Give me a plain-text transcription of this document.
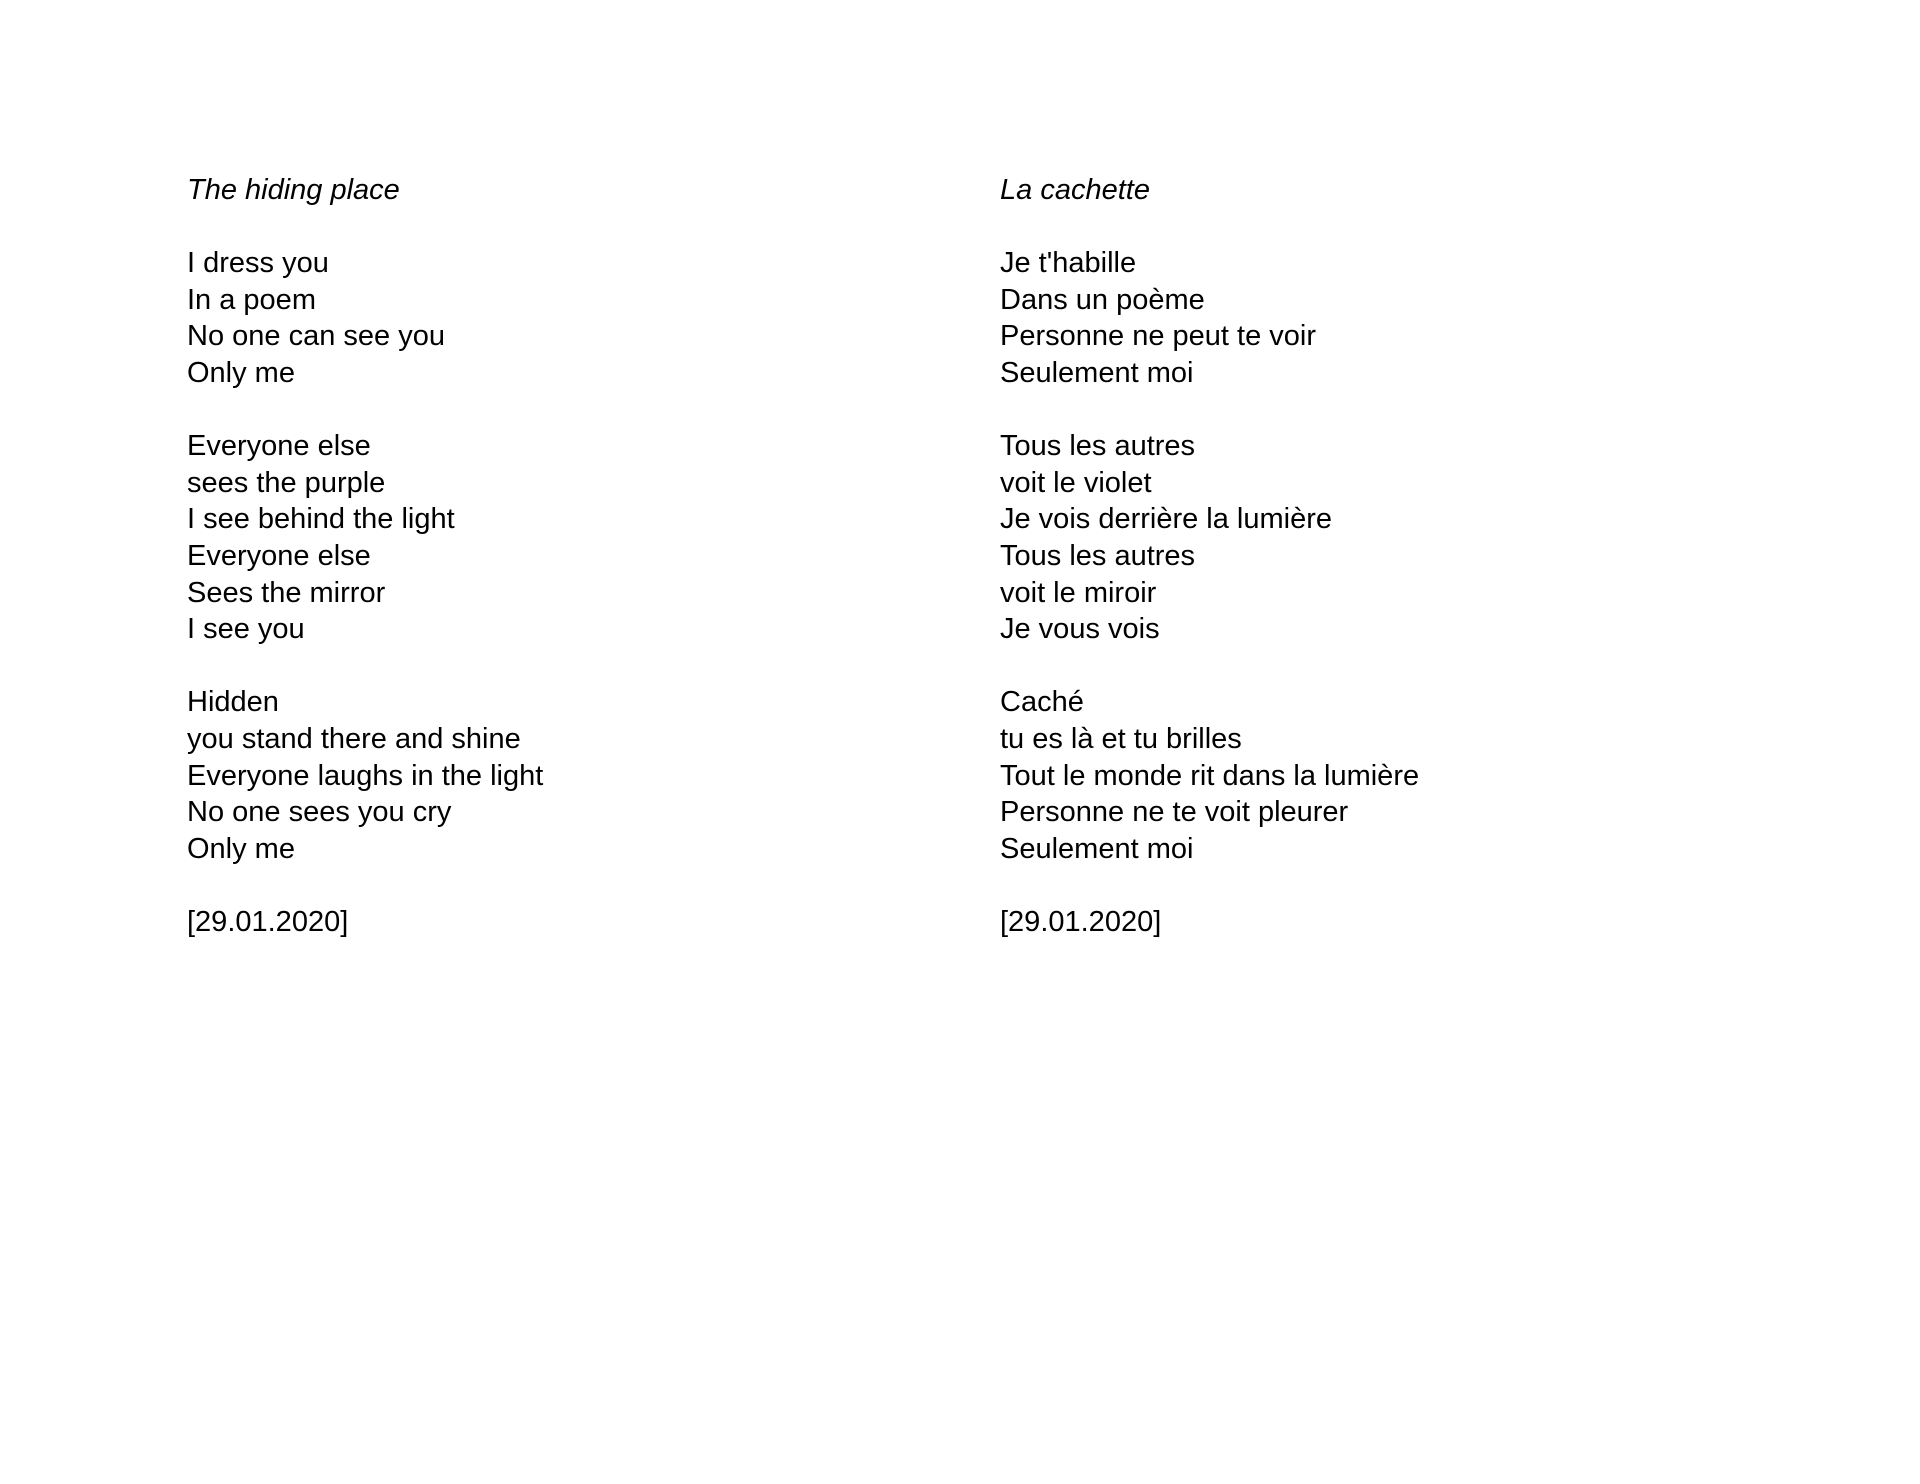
The hiding place
I dress you
In a poem
No one can see you
Only me
Everyone else
sees the purple
I see behind the light
Everyone else
Sees the mirror
I see you
Hidden
you stand there and shine
Everyone laughs in the light
No one sees you cry
Only me
[29.01.2020]
La cachette
Je t'habille
Dans un poème
Personne ne peut te voir
Seulement moi
Tous les autres
voit le violet
Je vois derrière la lumière
Tous les autres
voit le miroir
Je vous vois
Caché
tu es là et tu brilles
Tout le monde rit dans la lumière
Personne ne te voit pleurer
Seulement moi
[29.01.2020]
